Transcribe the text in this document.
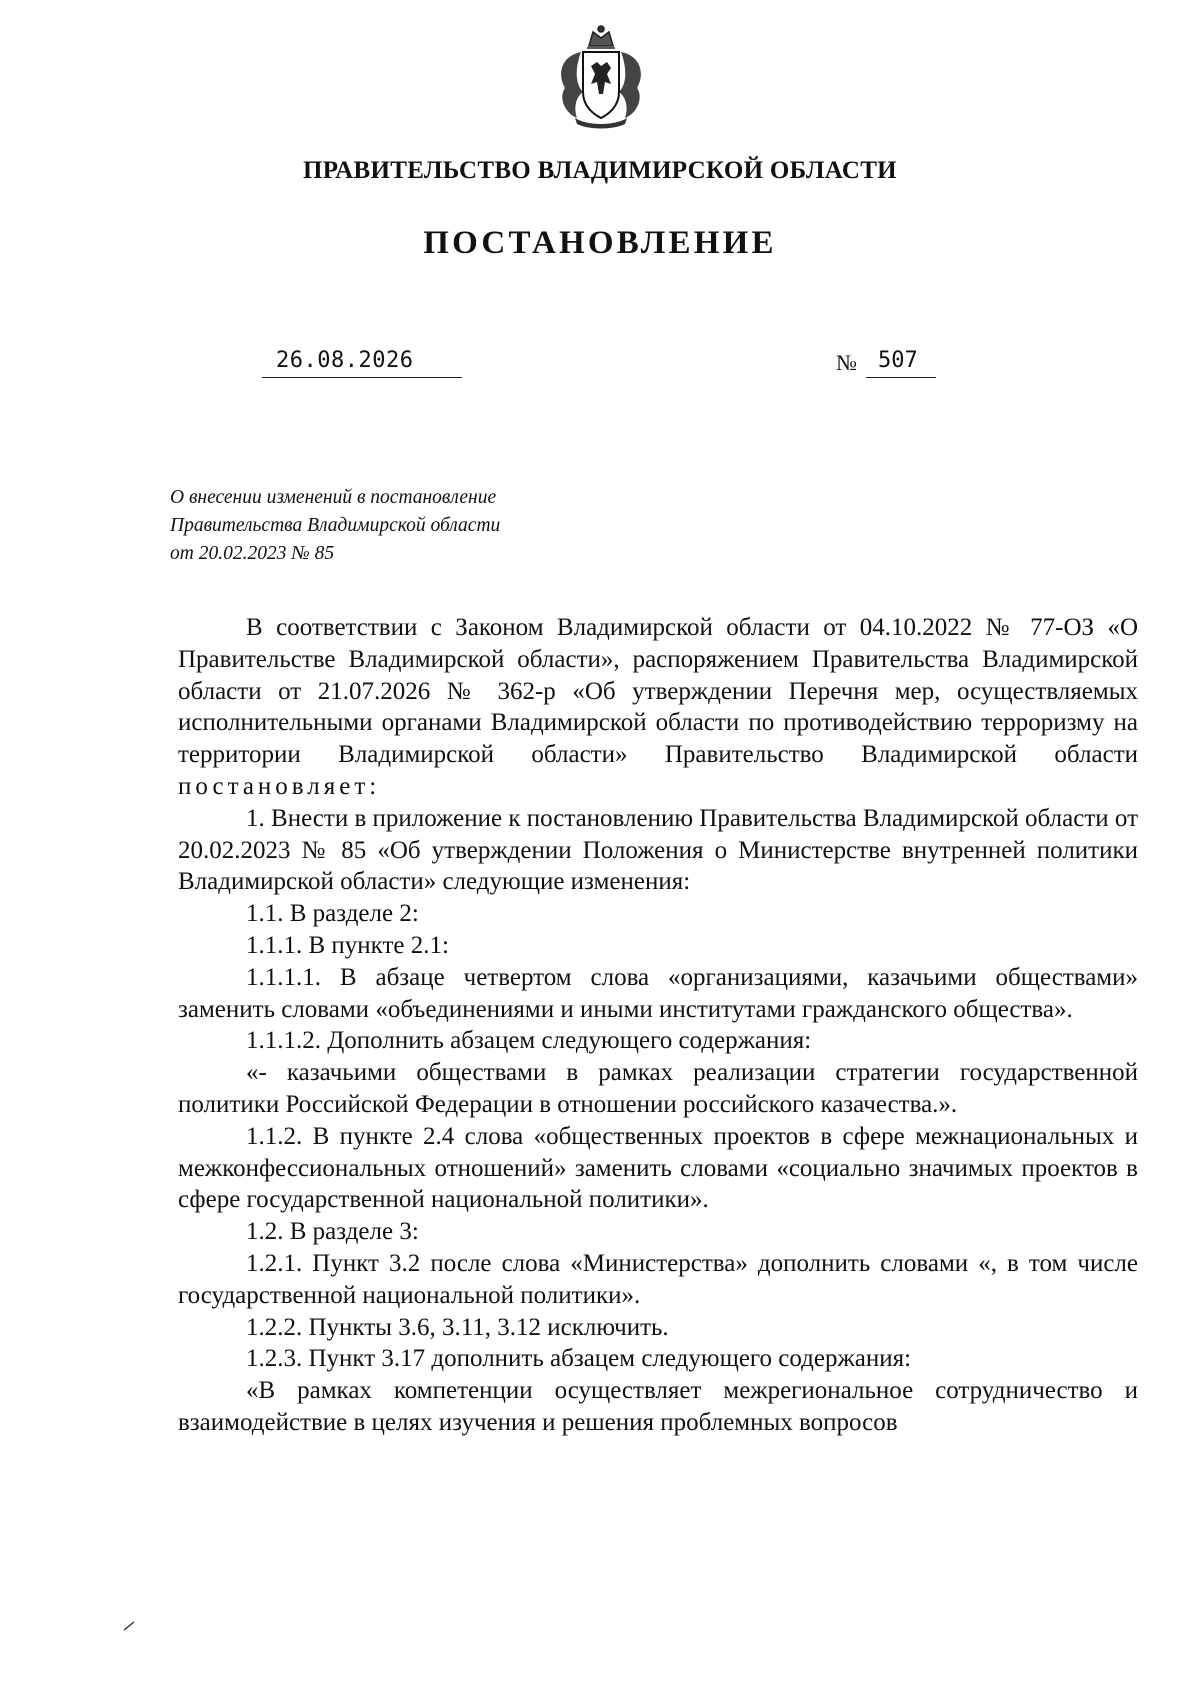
ПРАВИТЕЛЬСТВО ВЛАДИМИРСКОЙ ОБЛАСТИ
ПОСТАНОВЛЕНИЕ
26.08.2026	№ 507
О внесении изменений в постановление
Правительства Владимирской области
от 20.02.2023 № 85

В соответствии с Законом Владимирской области от 04.10.2022 № 77-ОЗ «О Правительстве Владимирской области», распоряжением Правительства Владимирской области от 21.07.2026 № 362-р «Об утверждении Перечня мер, осуществляемых исполнительными органами Владимирской области по противодействию терроризму на территории Владимирской области» Правительство Владимирской области постановляет:

1. Внести в приложение к постановлению Правительства Владимирской области от 20.02.2023 № 85 «Об утверждении Положения о Министерстве внутренней политики Владимирской области» следующие изменения:

1.1. В разделе 2:

1.1.1. В пункте 2.1:

1.1.1.1. В абзаце четвертом слова «организациями, казачьими обществами» заменить словами «объединениями и иными институтами гражданского общества».

1.1.1.2. Дополнить абзацем следующего содержания:

«- казачьими обществами в рамках реализации стратегии государственной политики Российской Федерации в отношении российского казачества.».

1.1.2. В пункте 2.4 слова «общественных проектов в сфере межнациональных и межконфессиональных отношений» заменить словами «социально значимых проектов в сфере государственной национальной политики».

1.2. В разделе 3:

1.2.1. Пункт 3.2 после слова «Министерства» дополнить словами «, в том числе государственной национальной политики».

1.2.2. Пункты 3.6, 3.11, 3.12 исключить.

1.2.3. Пункт 3.17 дополнить абзацем следующего содержания:

«В рамках компетенции осуществляет межрегиональное сотрудничество и взаимодействие в целях изучения и решения проблемных вопросов
